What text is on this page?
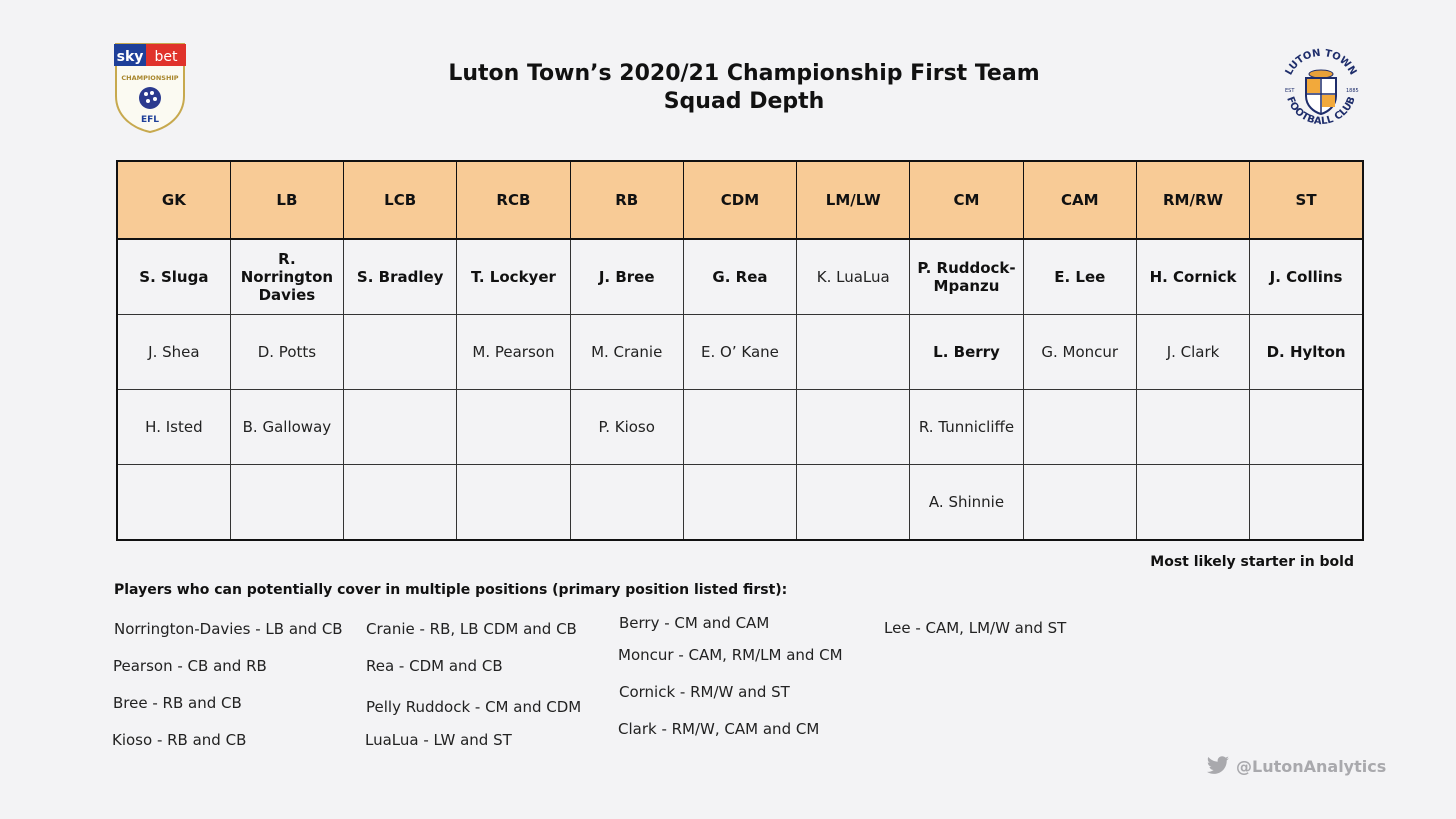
Luton Town’s 2020/21 Championship First Team
Squad Depth
sky bet
CHAMPIONSHIP
EFL
LUTON TOWN
FOOTBALL CLUB
EST	1885
GK	LB	LCB	RCB	RB	CDM	LM/LW	CM	CAM	RM/RW	ST
S. Sluga	R. Norrington Davies	S. Bradley	T. Lockyer	J. Bree	G. Rea	K. LuaLua	P. Ruddock-Mpanzu	E. Lee	H. Cornick	J. Collins
J. Shea	D. Potts		M. Pearson	M. Cranie	E. O’ Kane		L. Berry	G. Moncur	J. Clark	D. Hylton
H. Isted	B. Galloway			P. Kioso			R. Tunnicliffe			
							A. Shinnie			
Most likely starter in bold
Players who can potentially cover in multiple positions (primary position listed first):
Norrington-Davies - LB and CB
Pearson - CB and RB
Bree - RB and CB
Kioso - RB and CB
Cranie - RB, LB CDM and CB
Rea - CDM and CB
Pelly Ruddock - CM and CDM
LuaLua - LW and ST
Berry - CM and CAM
Moncur - CAM, RM/LM and CM
Cornick - RM/W and ST
Clark - RM/W, CAM and CM
Lee - CAM, LM/W and ST
@LutonAnalytics
